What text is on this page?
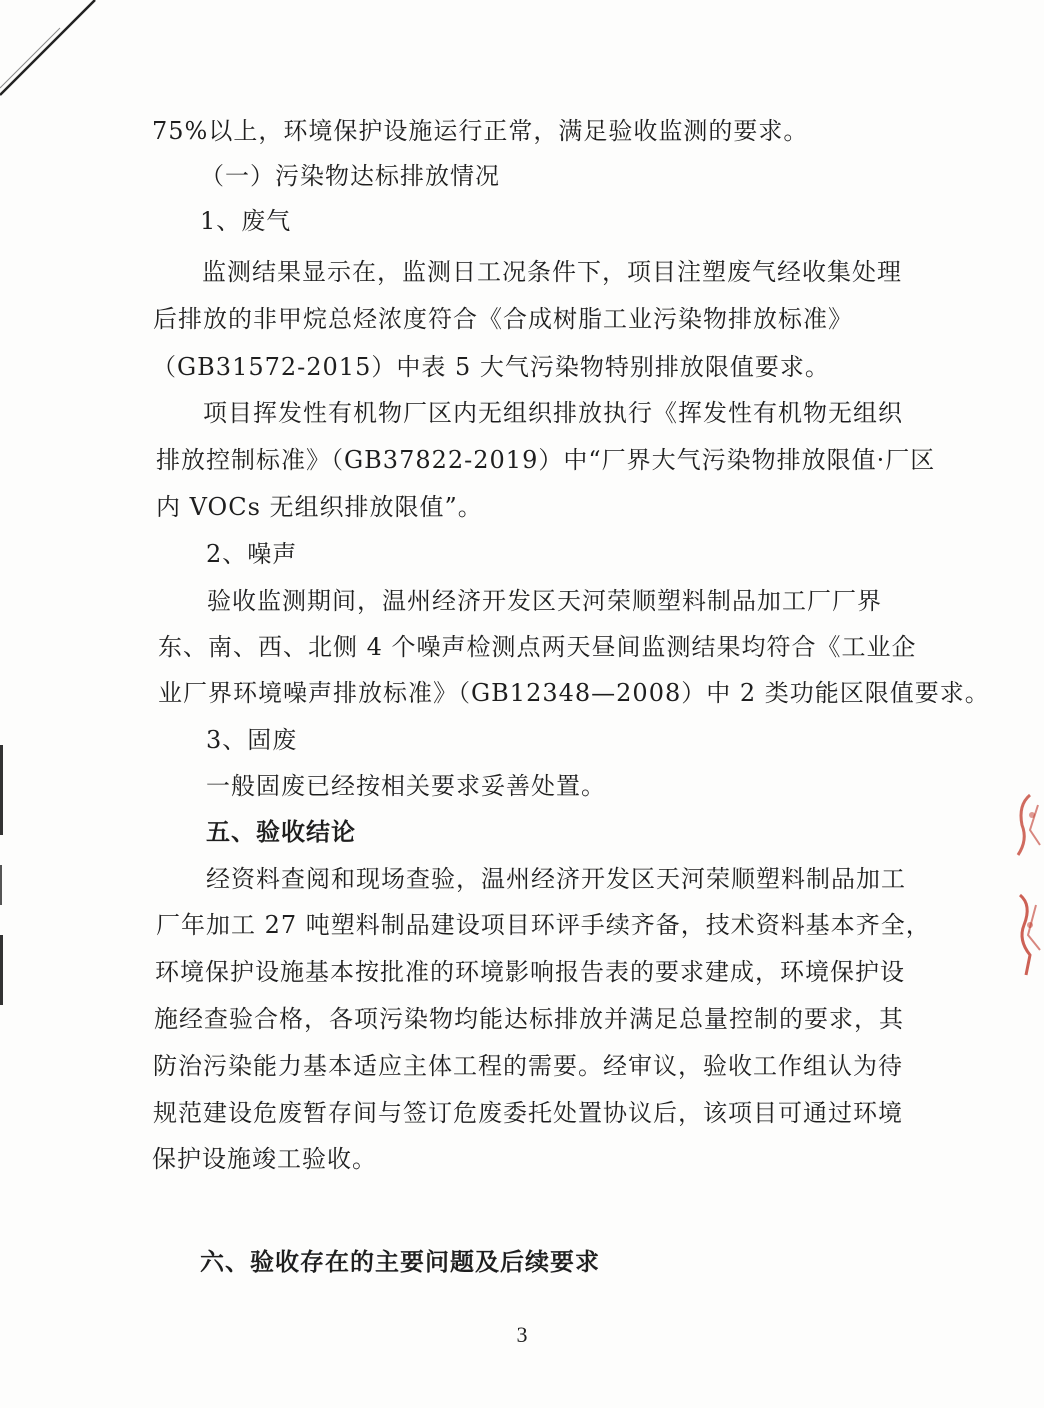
75%以上，环境保护设施运行正常，满足验收监测的要求。
（一）污染物达标排放情况
1、废气
监测结果显示在，监测日工况条件下，项目注塑废气经收集处理
后排放的非甲烷总烃浓度符合《合成树脂工业污染物排放标准》
（GB31572-2015）中表 5 大气污染物特别排放限值要求。
项目挥发性有机物厂区内无组织排放执行《挥发性有机物无组织
排放控制标准》（GB37822-2019）中“厂界大气污染物排放限值·厂区
内 VOCs 无组织排放限值”。
2、噪声
验收监测期间，温州经济开发区天河荣顺塑料制品加工厂厂界
东、南、西、北侧 4 个噪声检测点两天昼间监测结果均符合《工业企
业厂界环境噪声排放标准》（GB12348—2008）中 2 类功能区限值要求。
3、固废
一般固废已经按相关要求妥善处置。
五、验收结论
经资料查阅和现场查验，温州经济开发区天河荣顺塑料制品加工
厂年加工 27 吨塑料制品建设项目环评手续齐备，技术资料基本齐全，
环境保护设施基本按批准的环境影响报告表的要求建成，环境保护设
施经查验合格，各项污染物均能达标排放并满足总量控制的要求，其
防治污染能力基本适应主体工程的需要。经审议，验收工作组认为待
规范建设危废暂存间与签订危废委托处置协议后，该项目可通过环境
保护设施竣工验收。
六、验收存在的主要问题及后续要求
3
